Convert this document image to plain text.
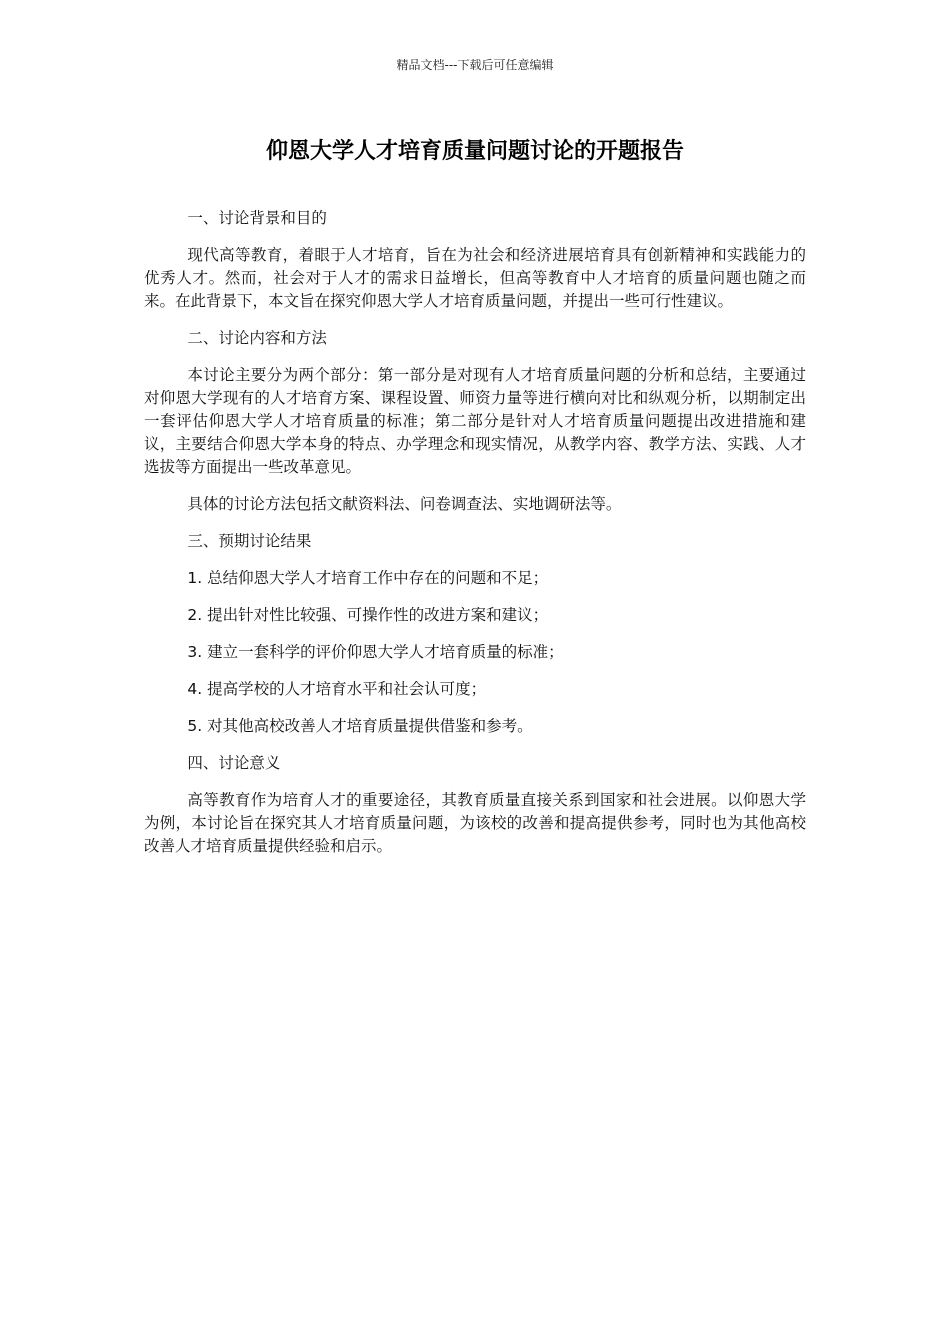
精品文档---下载后可任意编辑
仰恩大学人才培育质量问题讨论的开题报告

一、讨论背景和目的

现代高等教育，着眼于人才培育，旨在为社会和经济进展培育具有创新精神和实践能力的优秀人才。然而，社会对于人才的需求日益增长，但高等教育中人才培育的质量问题也随之而来。在此背景下，本文旨在探究仰恩大学人才培育质量问题，并提出一些可行性建议。

二、讨论内容和方法

本讨论主要分为两个部分：第一部分是对现有人才培育质量问题的分析和总结，主要通过对仰恩大学现有的人才培育方案、课程设置、师资力量等进行横向对比和纵观分析，以期制定出一套评估仰恩大学人才培育质量的标准；第二部分是针对人才培育质量问题提出改进措施和建议，主要结合仰恩大学本身的特点、办学理念和现实情况，从教学内容、教学方法、实践、人才选拔等方面提出一些改革意见。

具体的讨论方法包括文献资料法、问卷调查法、实地调研法等。

三、预期讨论结果

1. 总结仰恩大学人才培育工作中存在的问题和不足；

2. 提出针对性比较强、可操作性的改进方案和建议；

3. 建立一套科学的评价仰恩大学人才培育质量的标准；

4. 提高学校的人才培育水平和社会认可度；

5. 对其他高校改善人才培育质量提供借鉴和参考。

四、讨论意义

高等教育作为培育人才的重要途径，其教育质量直接关系到国家和社会进展。以仰恩大学为例，本讨论旨在探究其人才培育质量问题，为该校的改善和提高提供参考，同时也为其他高校改善人才培育质量提供经验和启示。
